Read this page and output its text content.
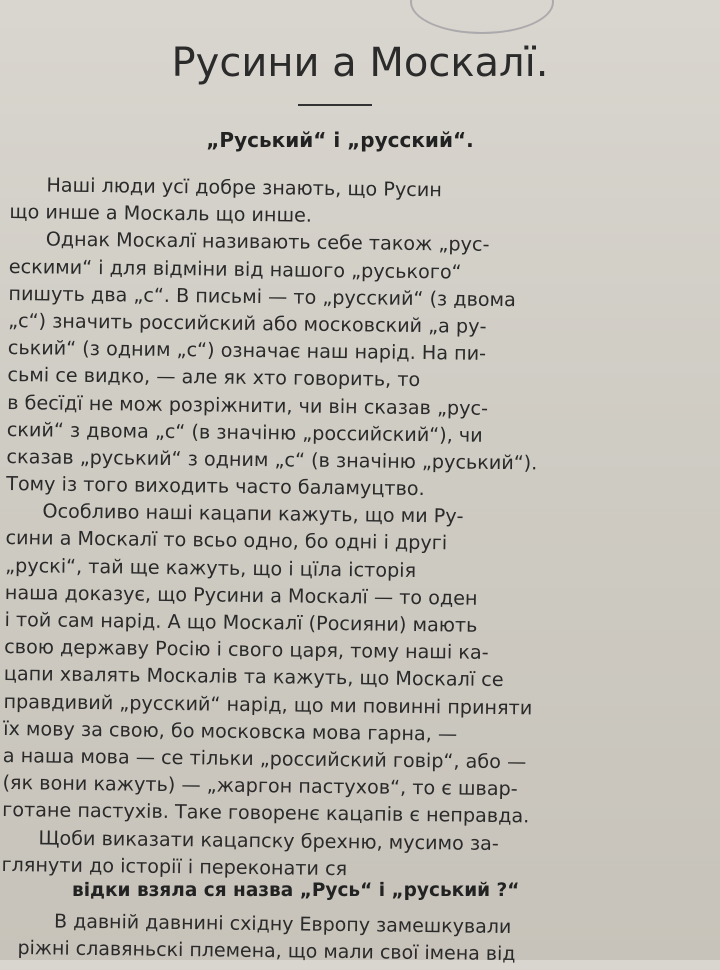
Русини а Москалї.
„Руський“ і „русский“.
Наші люди усї добре знають, що Русин
що инше а Москаль що инше.
Однак Москалї називають себе також „рус-
ескими“ і для відміни від нашого „руського“
пишуть два „с“. В письмі — то „русский“ (з двома
„с“) значить российский або московский „а ру-
ський“ (з одним „с“) означає наш нарід. На пи-
сьмі се видко, — але як хто говорить, то
в бесїдї не мож розріжнити, чи він сказав „рус-
ский“ з двома „с“ (в значіню „российский“), чи
сказав „руський“ з одним „с“ (в значіню „руський“).
Тому із того виходить часто баламуцтво.
Особливо наші кацапи кажуть, що ми Ру-
сини а Москалї то всьо одно, бо одні і другі
„рускі“, тай ще кажуть, що і цїла історія
наша доказує, що Русини а Москалї — то оден
і той сам нарід. А що Москалї (Росияни) мають
свою державу Росію і свого царя, тому наші ка-
цапи хвалять Москалів та кажуть, що Москалї се
правдивий „русский“ нарід, що ми повинні приняти
їх мову за свою, бо московска мова гарна, —
а наша мова — се тільки „российский говір“, або —
(як вони кажуть) — „жаргон пастухов“, то є швар-
готане пастухів. Таке говоренє кацапів є неправда.
Щоби виказати кацапску брехню, мусимо за-
глянути до історії і переконати ся
відки взяла ся назва „Русь“ і „руський ?“
В давній давнині східну Европу замешкували
ріжні славяньскі племена, що мали свої імена від
